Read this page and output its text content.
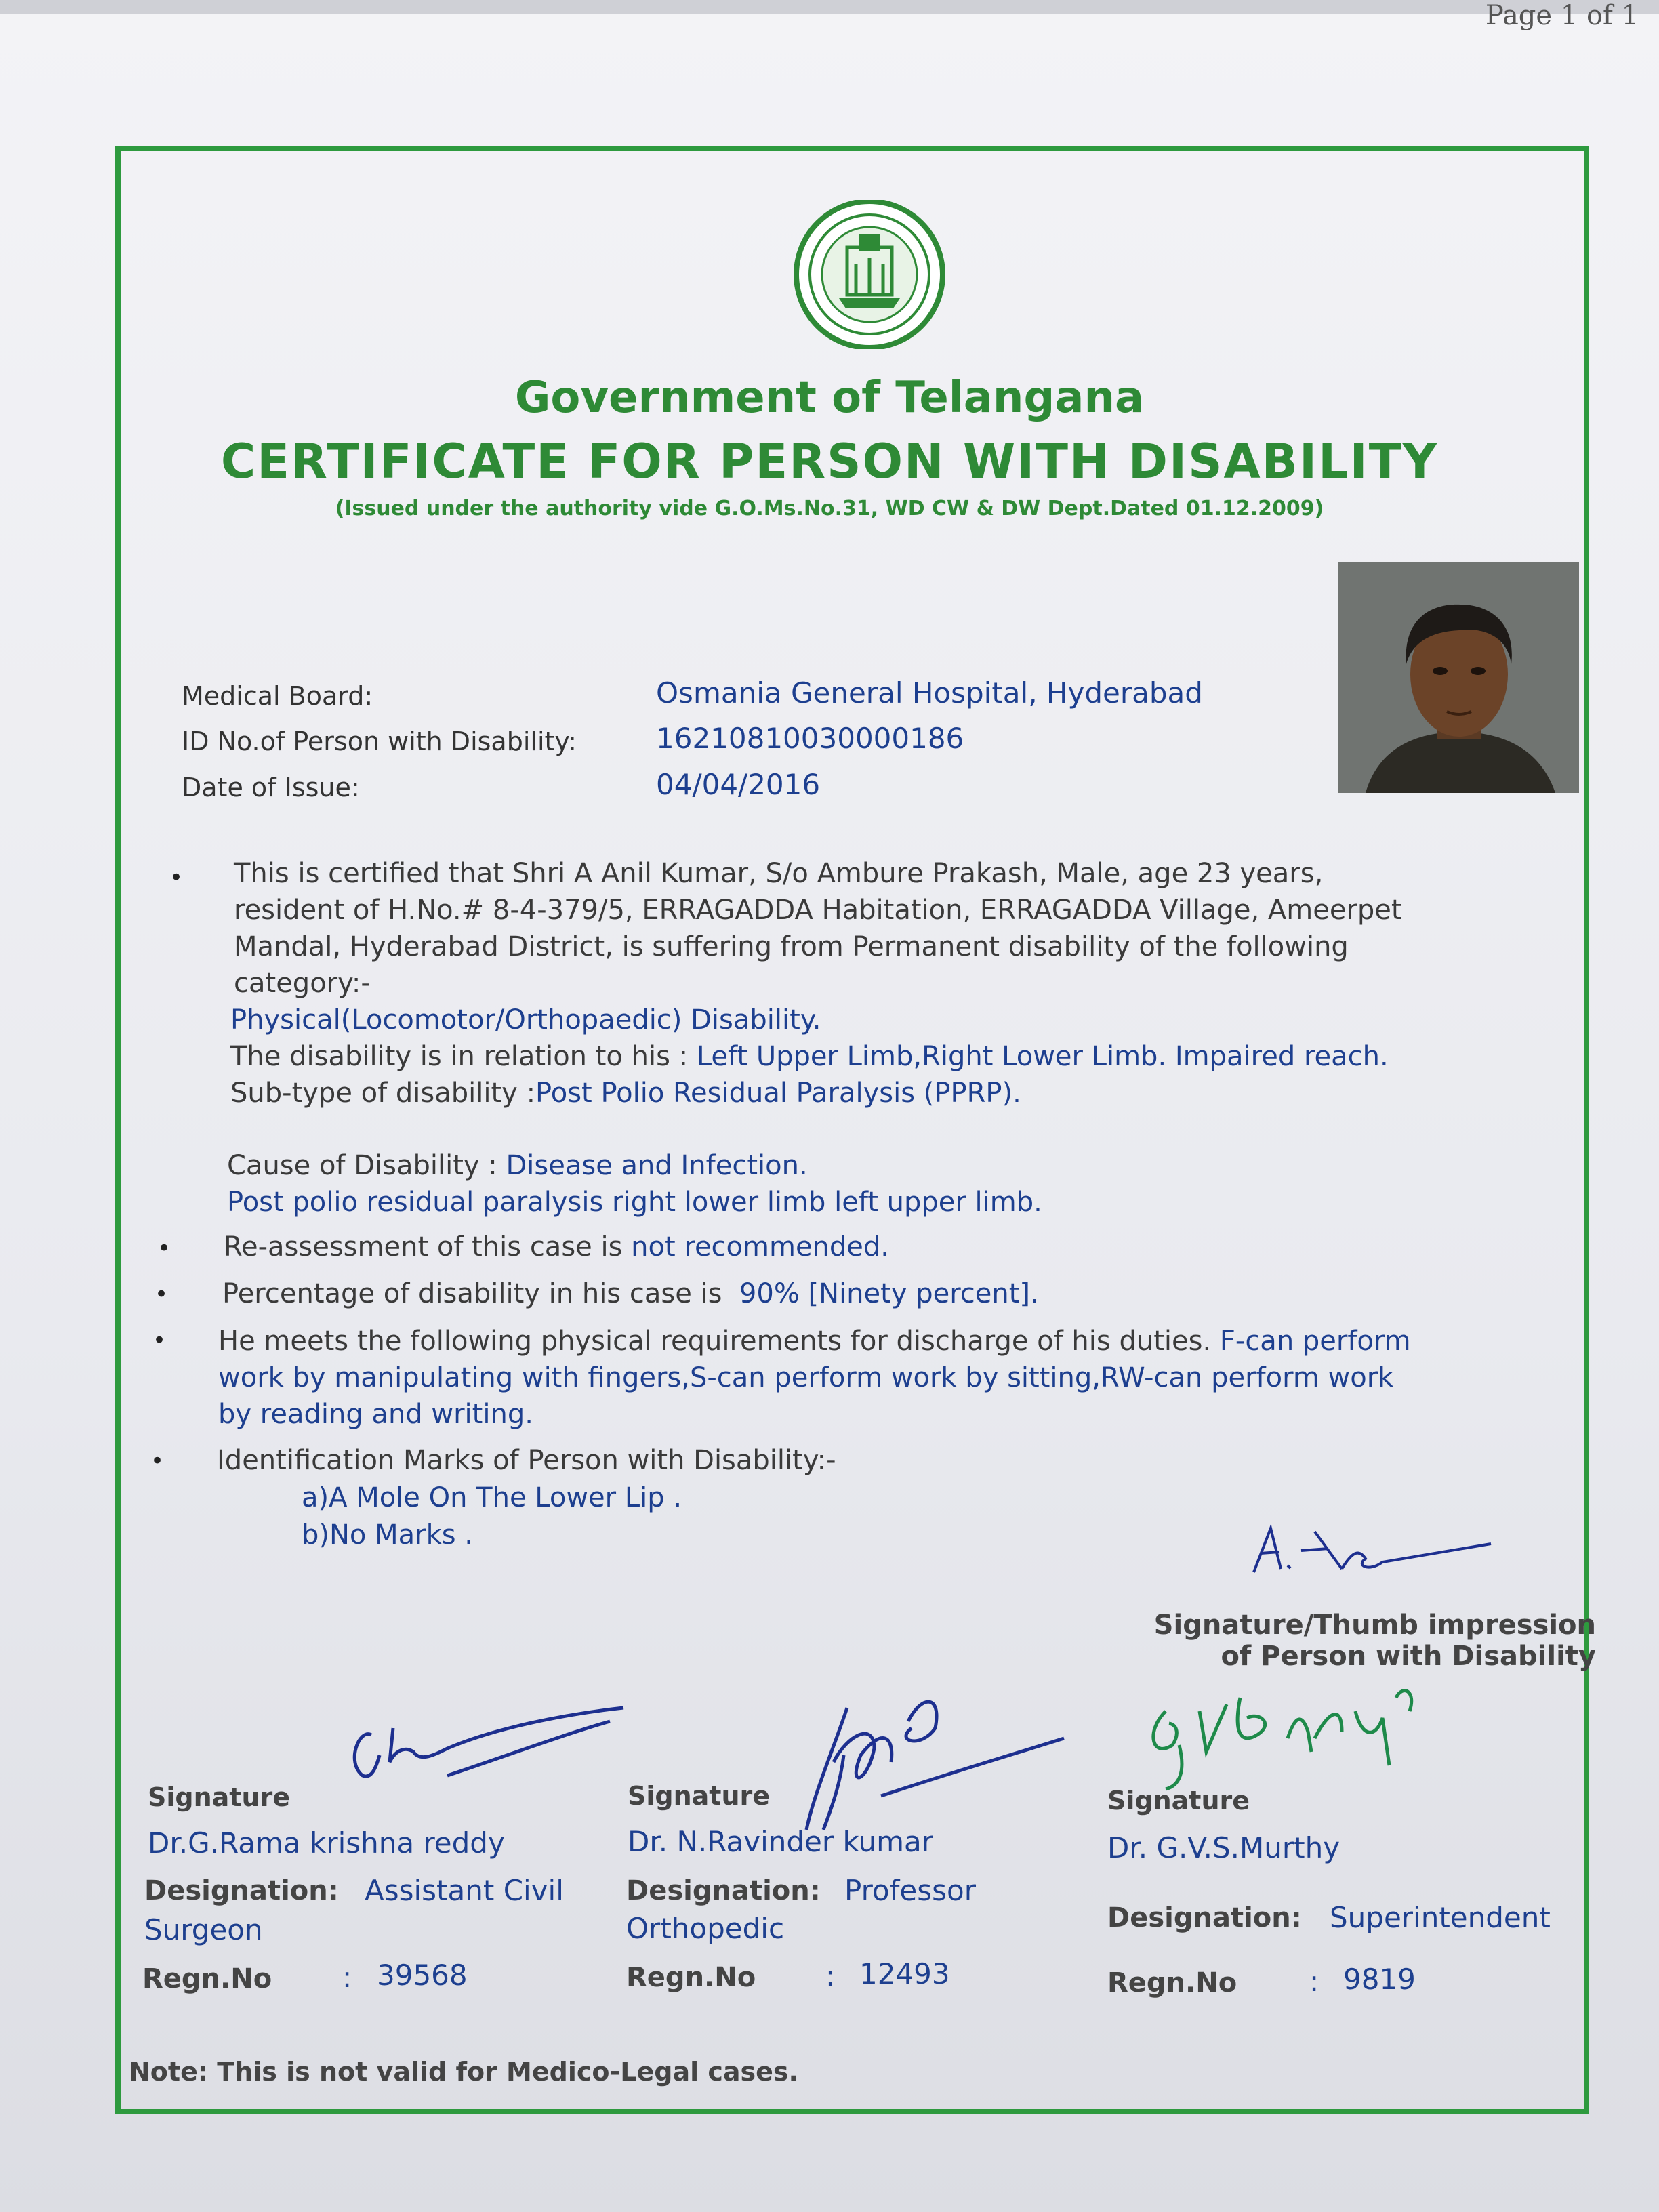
Page 1 of 1
Government of Telangana
CERTIFICATE FOR PERSON WITH DISABILITY
(Issued under the authority vide G.O.Ms.No.31, WD CW & DW Dept.Dated 01.12.2009)
Medical Board:	Osmania General Hospital, Hyderabad
ID No.of Person with Disability:	16210810030000186
Date of Issue:	04/04/2016
• This is certified that Shri A Anil Kumar, S/o Ambure Prakash, Male, age 23 years,
resident of H.No.# 8-4-379/5, ERRAGADDA Habitation, ERRAGADDA Village, Ameerpet
Mandal, Hyderabad District, is suffering from Permanent disability of the following
category:-
Physical(Locomotor/Orthopaedic) Disability.
The disability is in relation to his : Left Upper Limb,Right Lower Limb. Impaired reach.
Sub-type of disability :Post Polio Residual Paralysis (PPRP).
Cause of Disability : Disease and Infection.
Post polio residual paralysis right lower limb left upper limb.
• Re-assessment of this case is not recommended.
• Percentage of disability in his case is 90% [Ninety percent].
• He meets the following physical requirements for discharge of his duties. F-can perform
work by manipulating with fingers,S-can perform work by sitting,RW-can perform work
by reading and writing.
• Identification Marks of Person with Disability:-
a)A Mole On The Lower Lip .
b)No Marks .
Signature/Thumb impression
of Person with Disability
Signature
Dr.G.Rama krishna reddy
Designation: Assistant Civil
Surgeon
Regn.No : 39568
Signature
Dr. N.Ravinder kumar
Designation: Professor
Orthopedic
Regn.No : 12493
Signature
Dr. G.V.S.Murthy
Designation: Superintendent
Regn.No	: 9819
Note: This is not valid for Medico-Legal cases.
